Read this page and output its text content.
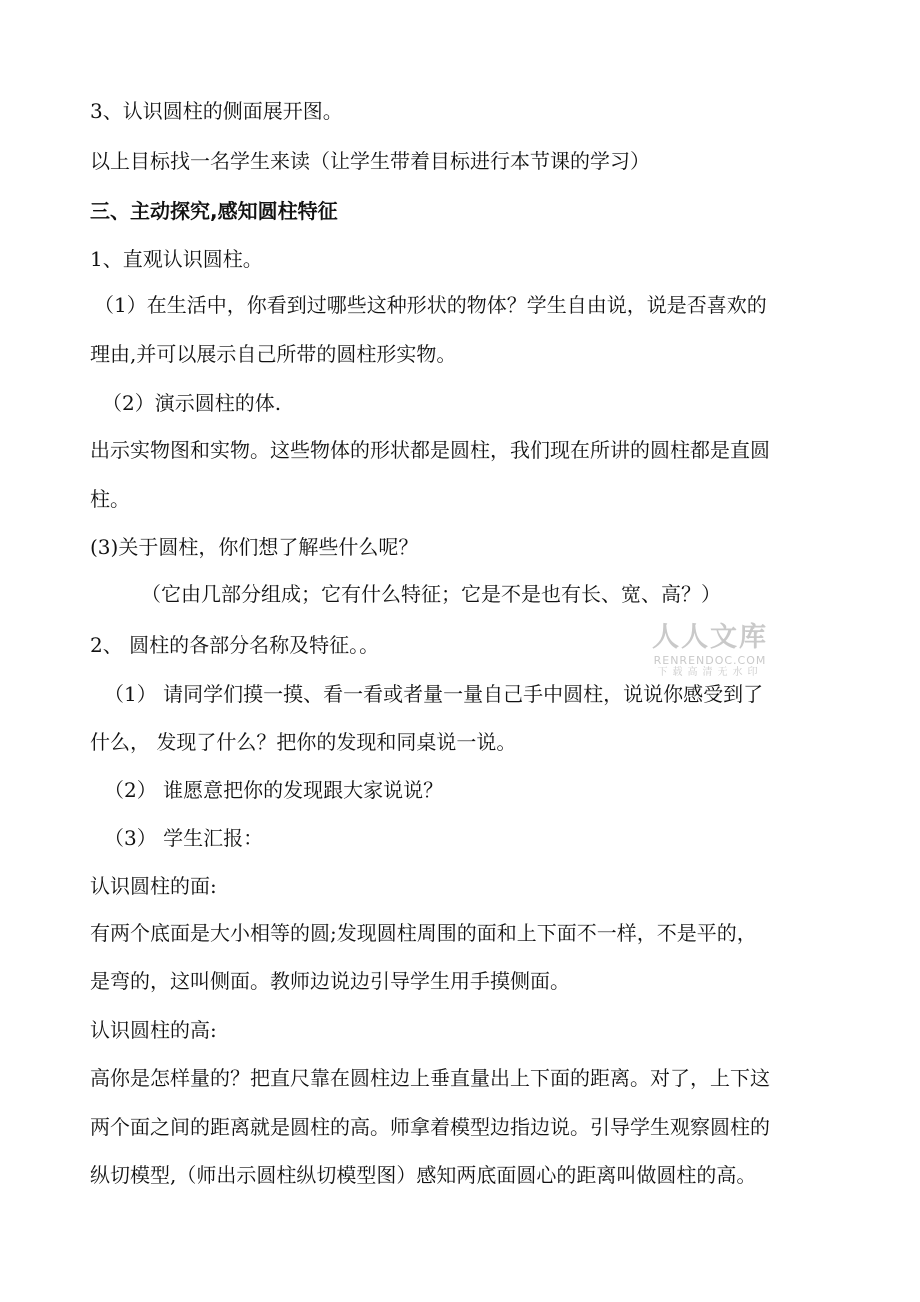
3、认识圆柱的侧面展开图。
以上目标找一名学生来读（让学生带着目标进行本节课的学习）
三、主动探究,感知圆柱特征
1、直观认识圆柱。
（1）在生活中，你看到过哪些这种形状的物体？学生自由说，说是否喜欢的
理由,并可以展示自己所带的圆柱形实物。
（2）演示圆柱的体.
出示实物图和实物。这些物体的形状都是圆柱，我们现在所讲的圆柱都是直圆
柱。
(3)关于圆柱，你们想了解些什么呢？
（它由几部分组成；它有什么特征；它是不是也有长、宽、高？）
2、 圆柱的各部分名称及特征。。
（1） 请同学们摸一摸、看一看或者量一量自己手中圆柱，说说你感受到了
什么， 发现了什么？把你的发现和同桌说一说。
（2） 谁愿意把你的发现跟大家说说？
（3） 学生汇报：
认识圆柱的面:
有两个底面是大小相等的圆;发现圆柱周围的面和上下面不一样，不是平的，
是弯的，这叫侧面。教师边说边引导学生用手摸侧面。
认识圆柱的高:
高你是怎样量的？把直尺靠在圆柱边上垂直量出上下面的距离。对了，上下这
两个面之间的距离就是圆柱的高。师拿着模型边指边说。引导学生观察圆柱的
纵切模型,（师出示圆柱纵切模型图）感知两底面圆心的距离叫做圆柱的高。
人人文库
RENRENDOC.COM
下载高清无水印
